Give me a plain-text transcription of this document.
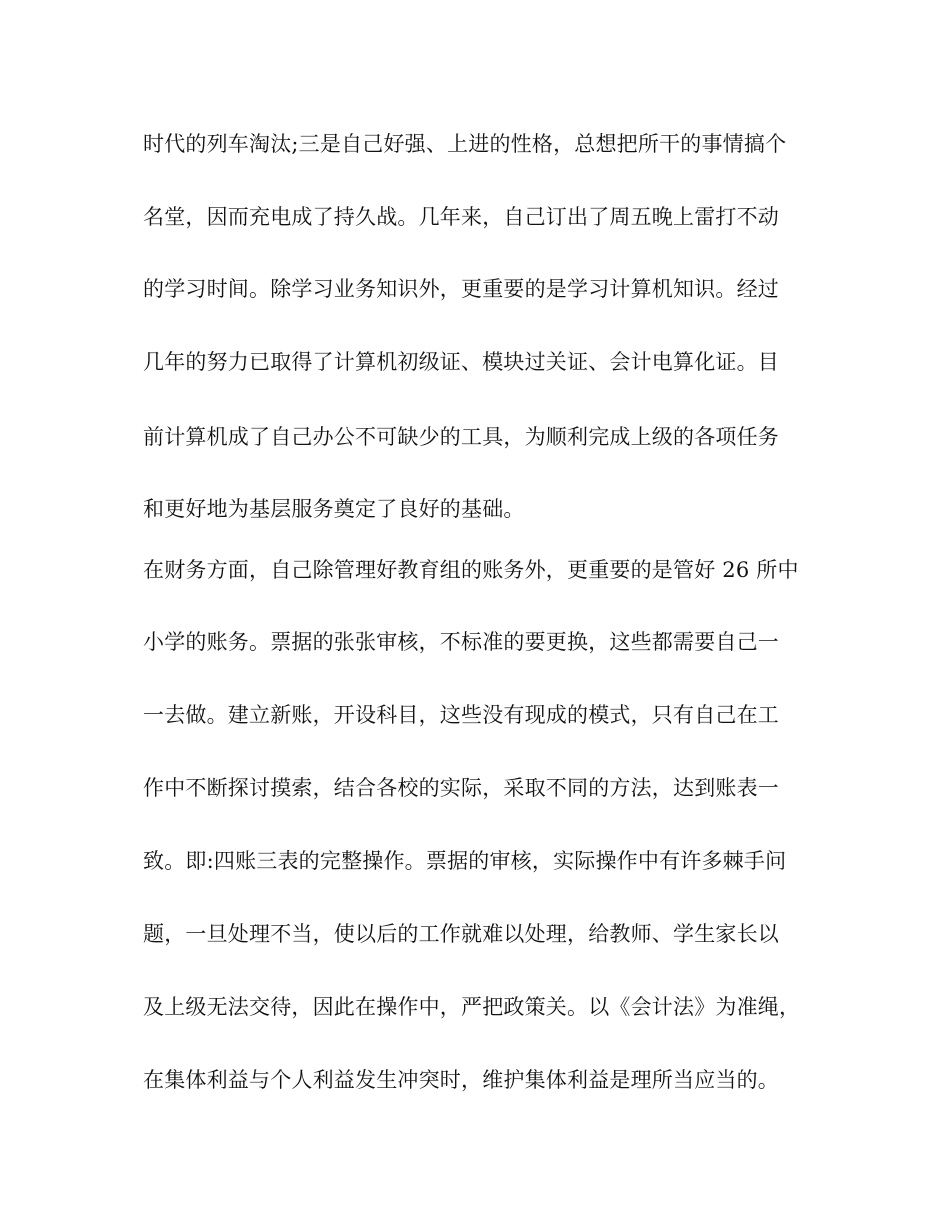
时代的列车淘汰;三是自己好强、上进的性格，总想把所干的事情搞个
名堂，因而充电成了持久战。几年来，自己订出了周五晚上雷打不动
的学习时间。除学习业务知识外，更重要的是学习计算机知识。经过
几年的努力已取得了计算机初级证、模块过关证、会计电算化证。目
前计算机成了自己办公不可缺少的工具，为顺利完成上级的各项任务
和更好地为基层服务奠定了良好的基础。
在财务方面，自己除管理好教育组的账务外，更重要的是管好 26 所中
小学的账务。票据的张张审核，不标准的要更换，这些都需要自己一
一去做。建立新账，开设科目，这些没有现成的模式，只有自己在工
作中不断探讨摸索，结合各校的实际，采取不同的方法，达到账表一
致。即:四账三表的完整操作。票据的审核，实际操作中有许多棘手问
题，一旦处理不当，使以后的工作就难以处理，给教师、学生家长以
及上级无法交待，因此在操作中，严把政策关。以《会计法》为准绳，
在集体利益与个人利益发生冲突时，维护集体利益是理所当应当的。
